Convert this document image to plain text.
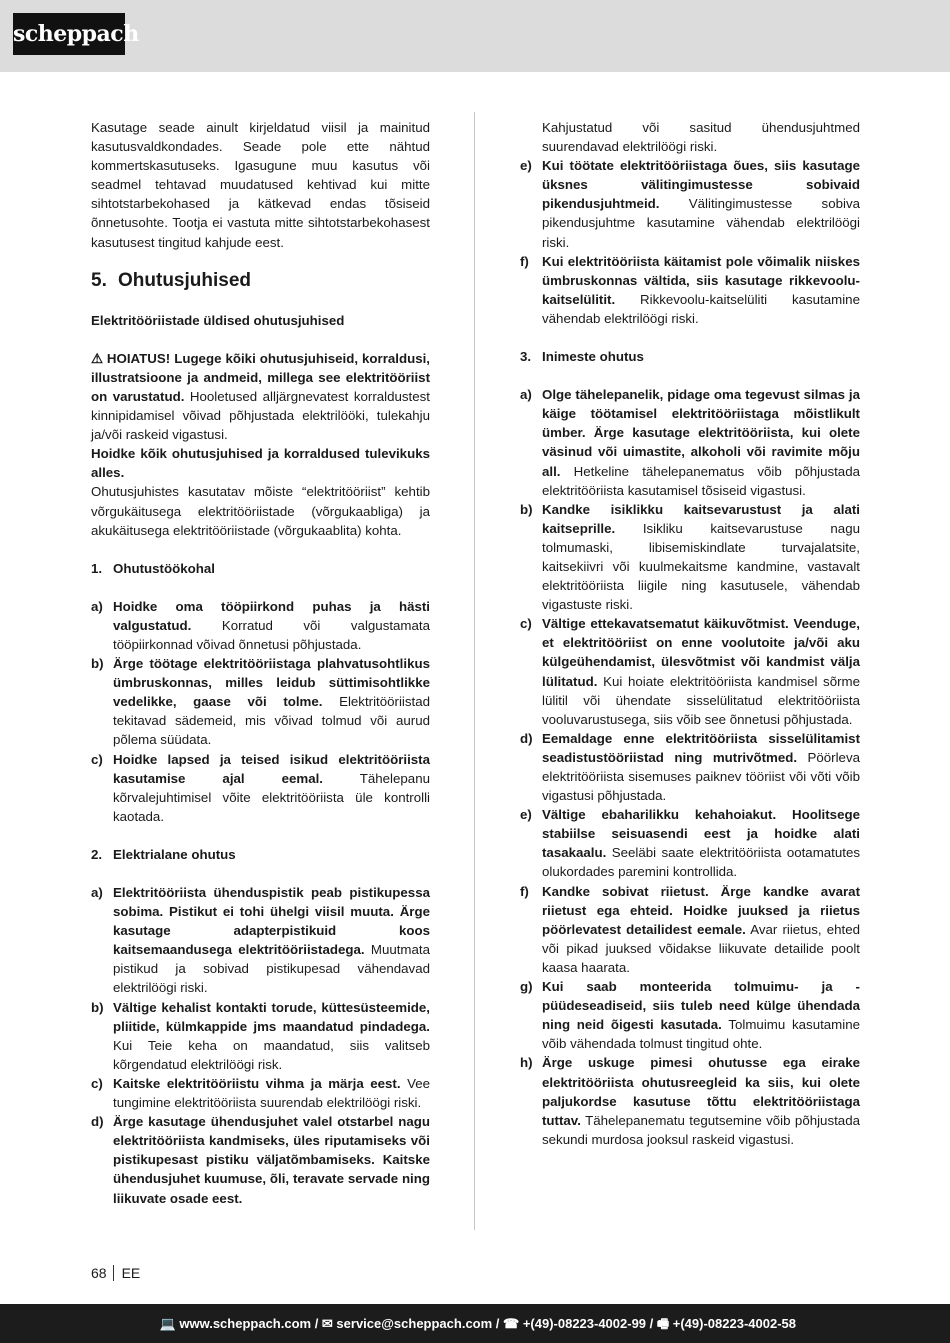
scheppach

Kasutage seade ainult kirjeldatud viisil ja mainitud kasutusvaldkondades. Seade pole ette nähtud kommertskasutuseks. Igasugune muu kasutus või seadmel tehtavad muudatused kehtivad kui mitte sihtotstarbekohased ja kätkevad endas tõsiseid õnnetusohte. Tootja ei vastuta mitte sihtotstarbekohasest kasutusest tingitud kahjude eest.

5. Ohutusjuhised

Elektritööriistade üldised ohutusjuhised

⚠ HOIATUS! Lugege kõiki ohutusjuhiseid, korraldusi, illustratsioone ja andmeid, millega see elektritööriist on varustatud. Hooletused alljärgnevatest korraldustest kinnipidamisel võivad põhjustada elektrilööki, tulekahju ja/või raskeid vigastusi.

Hoidke kõik ohutusjuhised ja korraldused tulevikuks alles.

Ohutusjuhistes kasutatav mõiste “elektritööriist” kehtib võrgukäitusega elektritööriistade (võrgukaabliga) ja akukäitusega elektritööriistade (võrgukaablita) kohta.

1. Ohutustöökohal

a) Hoidke oma tööpiirkond puhas ja hästi valgustatud. Korratud või valgustamata tööpiirkonnad võivad õnnetusi põhjustada.
b) Ärge töötage elektritööriistaga plahvatusohtlikus ümbruskonnas, milles leidub süttimisohtlikke vedelikke, gaase või tolme. Elektritööriistad tekitavad sädemeid, mis võivad tolmud või aurud põlema süüdata.
c) Hoidke lapsed ja teised isikud elektritööriista kasutamise ajal eemal.	Tähelepanu kõrvalejuhtimisel võite elektritööriista üle kontrolli kaotada.

2. Elektrialane ohutus

a) Elektritööriista ühenduspistik peab pistikupessa sobima. Pistikut ei tohi ühelgi viisil muuta. Ärge kasutage adapterpistikuid koos kaitsemaandusega elektritööriistadega. Muutmata pistikud ja sobivad pistikupesad vähendavad elektrilöögi riski.
b) Vältige kehalist kontakti torude, küttesüsteemide, pliitide, külmkappide jms maandatud pindadega. Kui Teie keha on maandatud, siis valitseb kõrgendatud elektrilöögi risk.
c) Kaitske elektritööriistu vihma ja märja eest. Vee tungimine elektritööriista suurendab elektrilöögi riski.
d) Ärge kasutage ühendusjuhet valel otstarbel nagu elektritööriista kandmiseks, üles riputamiseks või pistikupesast pistiku väljatõmbamiseks. Kaitske ühendusjuhet kuumuse, õli, teravate servade ning liikuvate osade eest.

Kahjustatud või sasitud ühendusjuhtmed suurendavad elektrilöögi riski.

e) Kui töötate elektritööriistaga õues, siis kasutage üksnes välitingimustesse sobivaid pikendusjuhtmeid. Välitingimustesse sobiva pikendusjuhtme kasutamine vähendab elektrilöögi riski.
f) Kui elektritööriista käitamist pole võimalik niiskes ümbruskonnas vältida, siis kasutage rikkevoolu-kaitselülitit. Rikkevoolu-kaitselüliti kasutamine vähendab elektrilöögi riski.

3. Inimeste ohutus

a) Olge tähelepanelik, pidage oma tegevust silmas ja käige töötamisel elektritööriistaga mõistlikult ümber. Ärge kasutage elektritööriista, kui olete väsinud või uimastite, alkoholi või ravimite mõju all. Hetkeline tähelepanematus võib põhjustada elektritööriista kasutamisel tõsiseid vigastusi.
b) Kandke isiklikku kaitsevarustust ja alati kaitseprille. Isikliku kaitsevarustuse nagu tolmumaski, libisemiskindlate turvajalatsite, kaitsekiivri või kuulmekaitsme kandmine, vastavalt elektritööriista liigile ning kasutusele, vähendab vigastuste riski.
c) Vältige ettekavatsematut käikuvõtmist. Veenduge, et elektritööriist on enne voolutoite ja/või aku külgeühendamist, ülesvõtmist või kandmist välja lülitatud. Kui hoiate elektritööriista kandmisel sõrme lülitil või ühendate sisselülitatud elektritööriista vooluvarustusega, siis võib see õnnetusi põhjustada.
d) Eemaldage enne elektritööriista sisselülitamist seadistustööriistad ning mutrivõtmed. Pöörleva elektritööriista sisemuses paiknev tööriist või võti võib vigastusi põhjustada.
e) Vältige ebaharilikku kehahoiakut. Hoolitsege stabiilse seisuasendi eest ja hoidke alati tasakaalu. Seeläbi saate elektritööriista ootamatutes olukordades paremini kontrollida.
f) Kandke sobivat riietust. Ärge kandke avarat riietust ega ehteid. Hoidke juuksed ja riietus pöörlevatest detailidest eemale. Avar riietus, ehted või pikad juuksed võidakse liikuvate detailide poolt kaasa haarata.
g) Kui saab monteerida tolmuimu- ja -püüdeseadiseid, siis tuleb need külge ühendada ning neid õigesti kasutada. Tolmuimu kasutamine võib vähendada tolmust tingitud ohte.
h) Ärge uskuge pimesi ohutusse ega eirake elektritööriista ohutusreegleid ka siis, kui olete paljukordse kasutuse tõttu elektritööriistaga tuttav. Tähelepanematu tegutsemine võib põhjustada sekundi murdosa jooksul raskeid vigastusi.
68 EE
💻 www.scheppach.com / ✉ service@scheppach.com / ☎ +(49)-08223-4002-99 / 🖷 +(49)-08223-4002-58
